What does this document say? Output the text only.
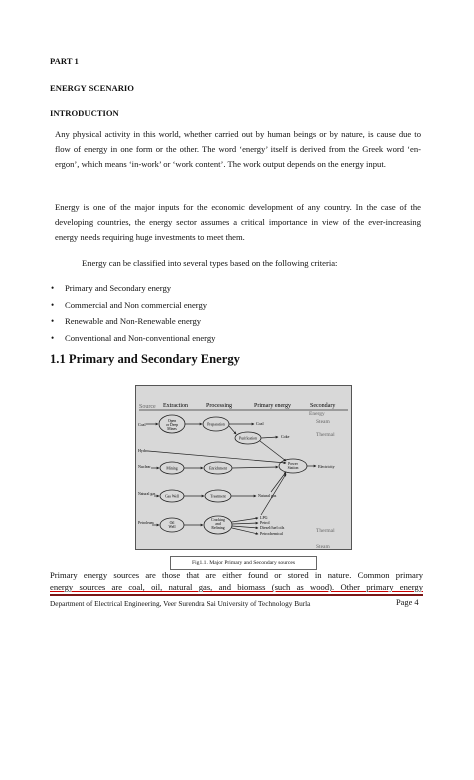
PART 1
ENERGY SCENARIO
INTRODUCTION
Any physical activity in this world, whether carried out by human beings or by nature, is cause due to flow of energy in one form or the other. The word ‘energy’ itself is derived from the Greek word ‘en-ergon’, which means ‘in-work’ or ‘work content’. The work output depends on the energy input.
Energy is one of the major inputs for the economic development of any country. In the case of the developing countries, the energy sector assumes a critical importance in view of the ever-increasing energy needs requiring huge investments to meet them.
Energy can be classified into several types based on the following criteria:
• Primary and Secondary energy
• Commercial and Non commercial energy
• Renewable and Non-Renewable energy
• Conventional and Non-conventional energy
1.1 Primary and Secondary Energy
Source Extraction	Processing	Primary energy	Secondary
Energy
Steam
Thermal
Coal
Open or Deep Mines
Preparation
Purification
Coal
Coke
Hydro
Nuclear	Mining	Enrichment
Power Station	Electricity
Natural gas
Gas Well	Treatment	Natural gas
Petroleum	Oil Well
Cracking and Refining
LPG
Petrol
Diesel/fuel oils
Petrochemical	Thermal
Steam
Fig1.1. Major Primary and Secondary sources
Primary energy sources are those that are either found or stored in nature. Common primary
energy sources are coal, oil, natural gas, and biomass (such as wood). Other primary energy
Department of Electrical Engineering, Veer Surendra Sai University of Technology Burla	Page 4
